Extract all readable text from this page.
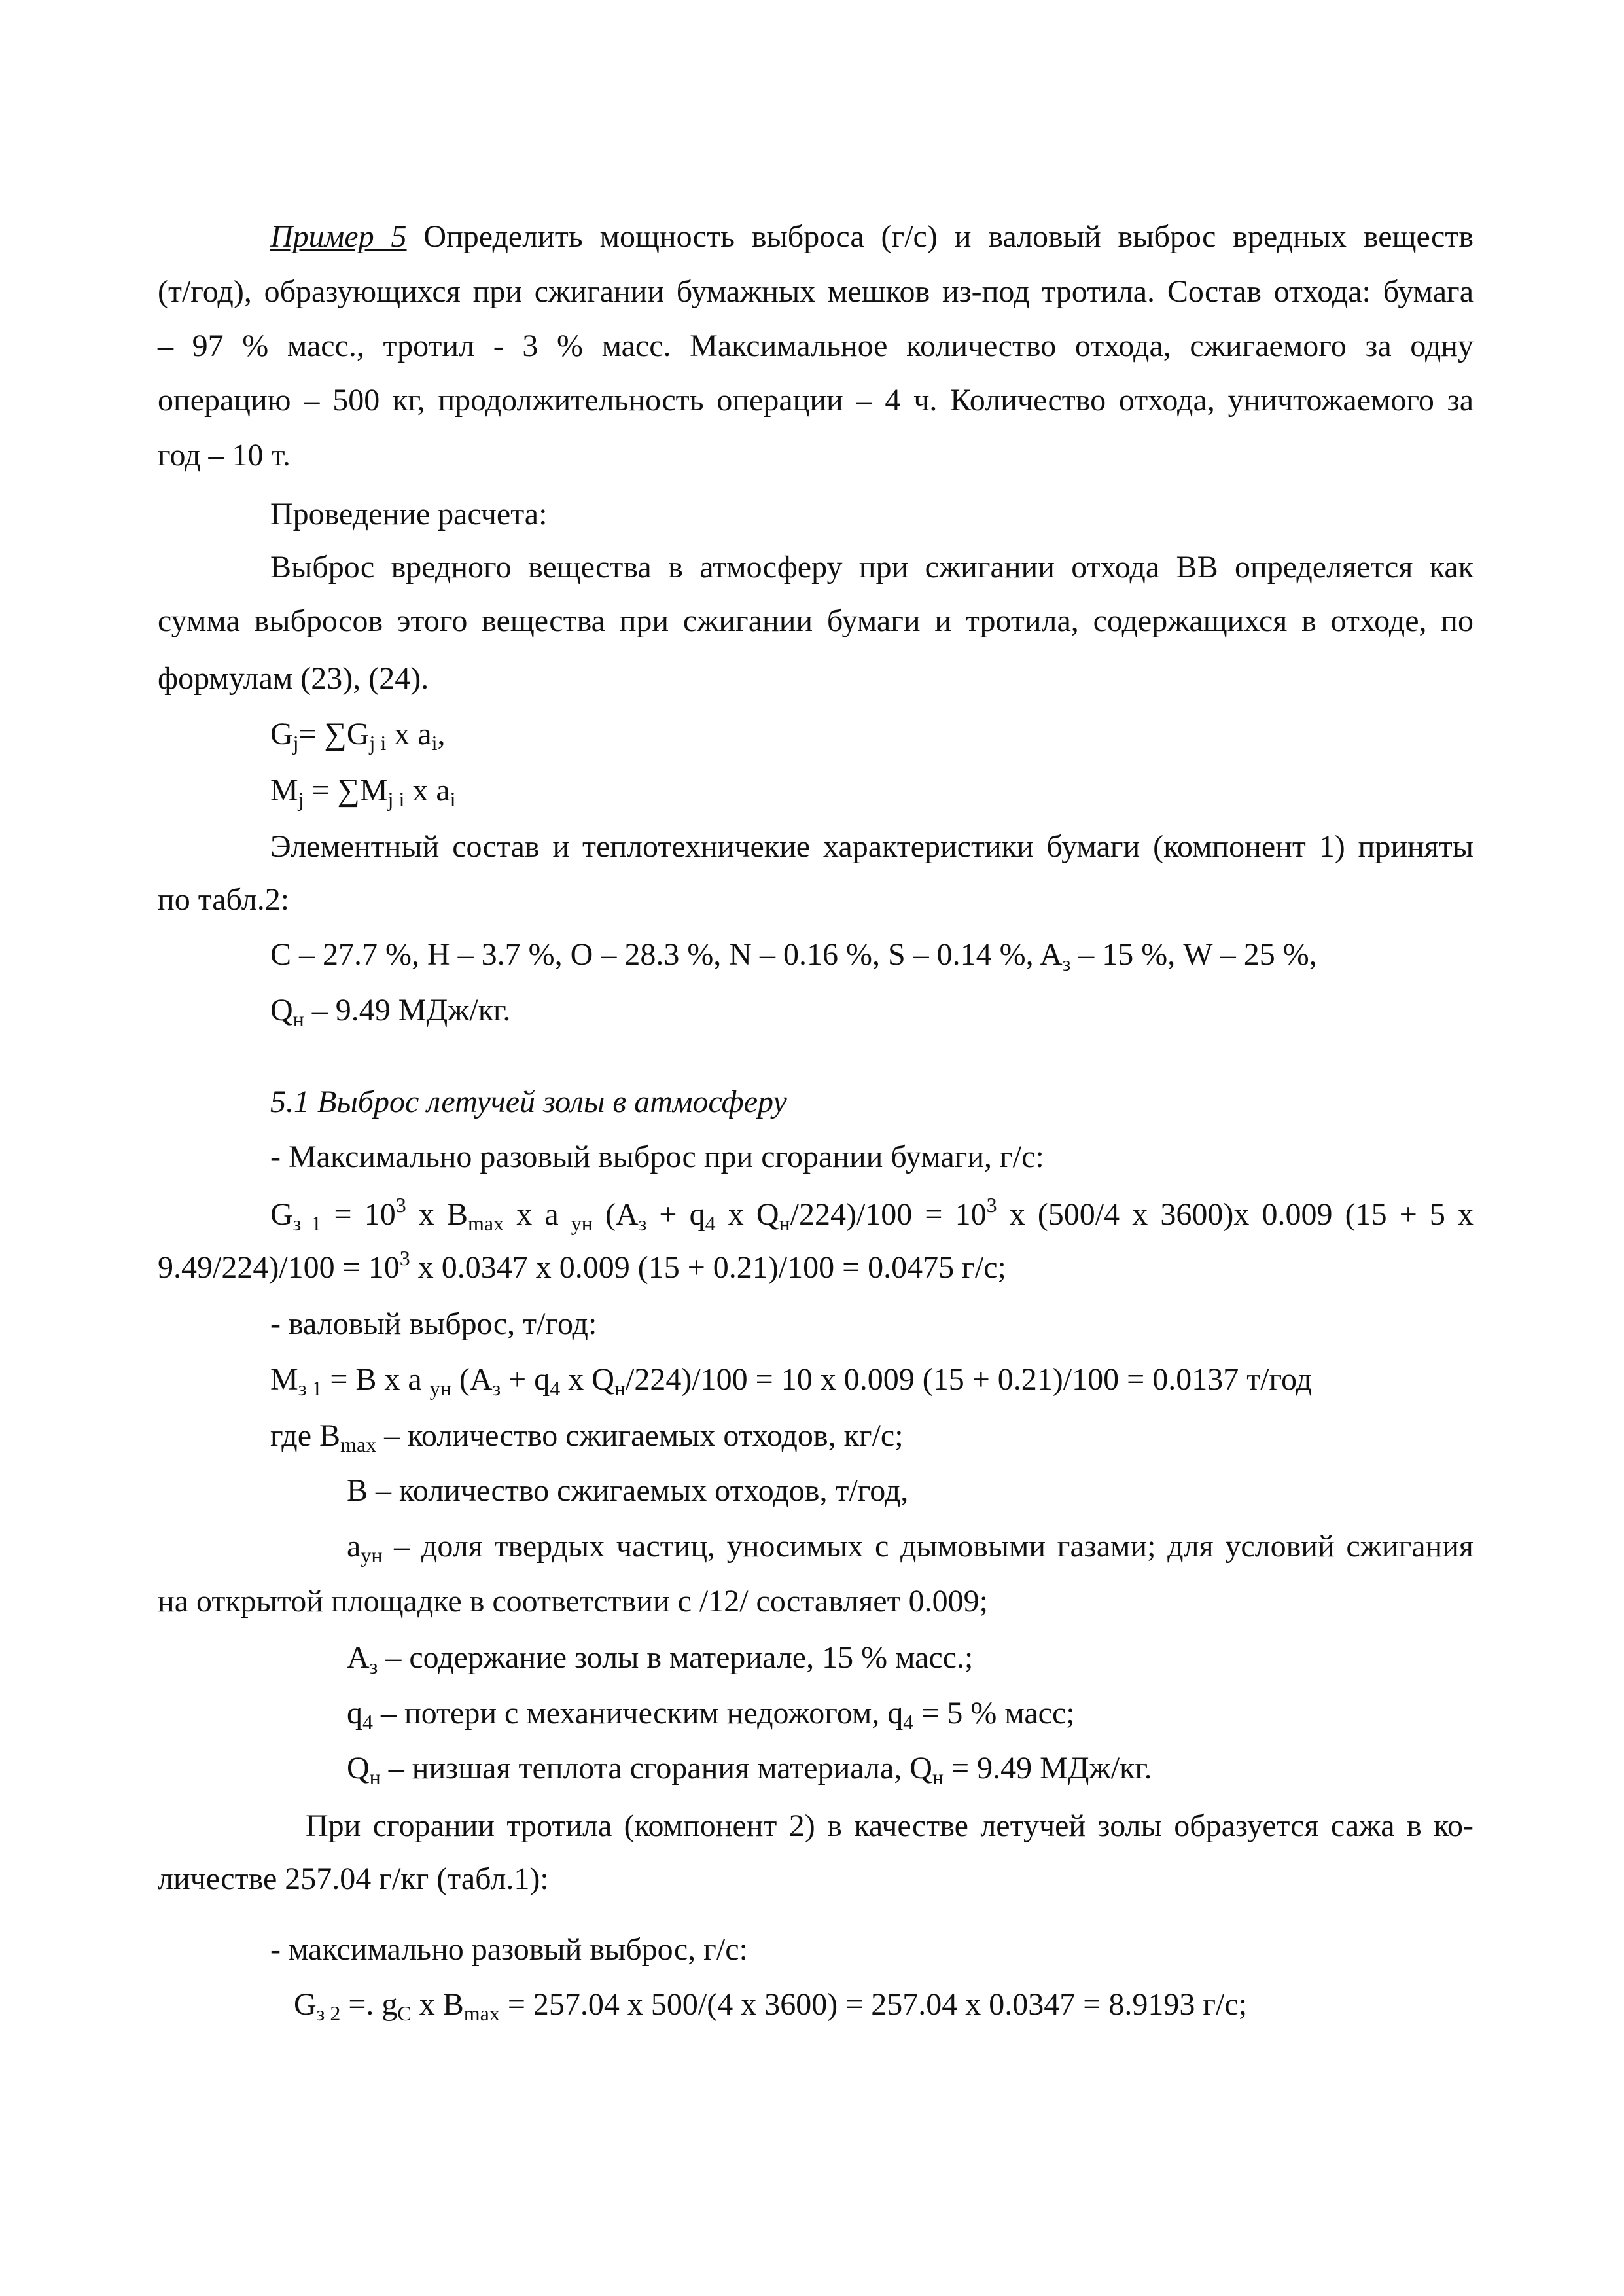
Пример 5 Определить мощность выброса (г/с) и валовый выброс вредных веществ
(т/год), образующихся при сжигании бумажных мешков из-под тротила. Состав отхода: бумага
– 97 % масс., тротил - 3 % масс. Максимальное количество отхода, сжигаемого за одну
операцию – 500 кг, продолжительность операции – 4 ч. Количество отхода, уничтожаемого за
год – 10 т.
Проведение расчета:
Выброс вредного вещества в атмосферу при сжигании отхода ВВ определяется как
сумма выбросов этого вещества при сжигании бумаги и тротила, содержащихся в отходе, по
формулам (23), (24).
$G_j= \sum G_{j i}$ x $a_i$,
$M_j = \sum M_{j i}$ x $a_i$
Элементный состав и теплотехничекие характеристики бумаги (компонент 1) приняты
по табл.2:
C – 27.7 %, H – 3.7 %, O – 28.3 %, N – 0.16 %, S – 0.14 %, $A_з - 15$ %, W – 25 %,
$Q_н - 9.49$ МДж/кг.
5.1 Выброс летучей золы в атмосферу
- Максимально разовый выброс при сгорании бумаги, г/с:
$G_{з 1} = 10^3$ x $B_{max}$ x a $_{ун}$ ($A_з + q_4$ x $Q_н/224)/100 = 10^3$ x (500/4 x 3600)x 0.009 (15 + 5 x
$9.49/224)/100 = 10^3$ x 0.0347 x 0.009 (15 + 0.21)/100 = 0.0475 г/с;
- валовый выброс, т/год:
$M_{з 1} = B$ x a $_{ун}$ ($A_з + q_4$ x $Q_н/224)/100 = 10$ x 0.009 (15 + 0.21)/100 = 0.0137 т/год
где $B_{max}$ – количество сжигаемых отходов, кг/с;
B – количество сжигаемых отходов, т/год,
$a_{ун}$ – доля твердых частиц, уносимых с дымовыми газами; для условий сжигания
на открытой площадке в соответствии с /12/ составляет 0.009;
$A_з$ – содержание золы в материале, 15 % масс.;
$q_4$ – потери с механическим недожогом, $q_4 = 5$ % масс;
$Q_н$ – низшая теплота сгорания материала, $Q_н = 9.49$ МДж/кг.
При сгорании тротила (компонент 2) в качестве летучей золы образуется сажа в ко-
личестве 257.04 г/кг (табл.1):
- максимально разовый выброс, г/с:
$G_{з 2}$ =. $g_C$ x $B_{max} = 257.04$ x 500/(4 x 3600) = 257.04 x 0.0347 = 8.9193 г/с;
